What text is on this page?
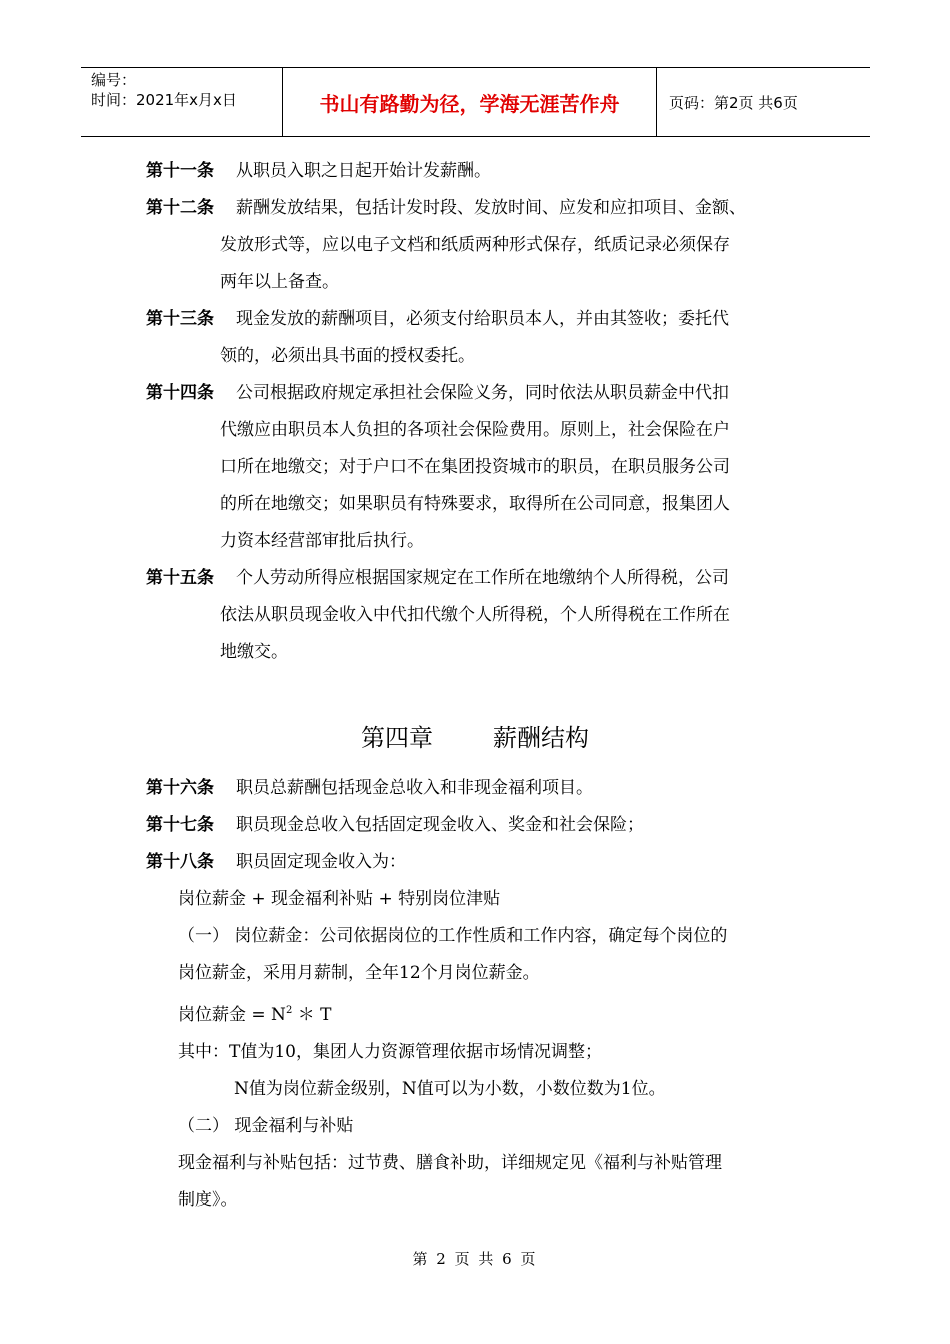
编号：
时间：2021年x月x日	书山有路勤为径，学海无涯苦作舟	页码：第2页 共6页
第十一条 从职员入职之日起开始计发薪酬。
第十二条 薪酬发放结果，包括计发时段、发放时间、应发和应扣项目、金额、
发放形式等，应以电子文档和纸质两种形式保存，纸质记录必须保存
两年以上备查。
第十三条 现金发放的薪酬项目，必须支付给职员本人，并由其签收；委托代
领的，必须出具书面的授权委托。
第十四条 公司根据政府规定承担社会保险义务，同时依法从职员薪金中代扣
代缴应由职员本人负担的各项社会保险费用。原则上，社会保险在户
口所在地缴交；对于户口不在集团投资城市的职员，在职员服务公司
的所在地缴交；如果职员有特殊要求，取得所在公司同意，报集团人
力资本经营部审批后执行。
第十五条 个人劳动所得应根据国家规定在工作所在地缴纳个人所得税，公司
依法从职员现金收入中代扣代缴个人所得税，个人所得税在工作所在
地缴交。
第四章	薪酬结构
第十六条 职员总薪酬包括现金总收入和非现金福利项目。
第十七条 职员现金总收入包括固定现金收入、奖金和社会保险；
第十八条 职员固定现金收入为：
岗位薪金 + 现金福利补贴 + 特别岗位津贴
（一） 岗位薪金：公司依据岗位的工作性质和工作内容，确定每个岗位的
岗位薪金，采用月薪制，全年12个月岗位薪金。
岗位薪金 = $N^2$ ＊ T
其中：T值为10，集团人力资源管理依据市场情况调整；
N值为岗位薪金级别，N值可以为小数，小数位数为1位。
（二） 现金福利与补贴
现金福利与补贴包括：过节费、膳食补助，详细规定见《福利与补贴管理
制度》。
第 2 页 共 6 页
